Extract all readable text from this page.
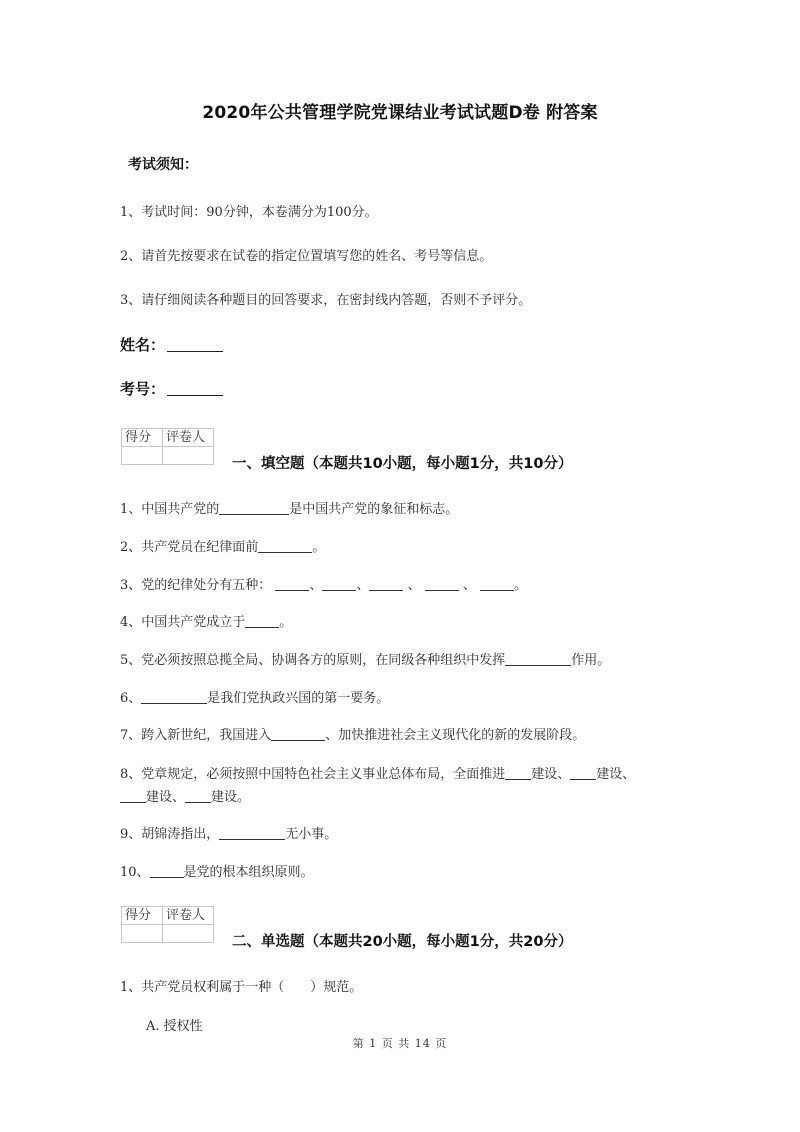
2020年公共管理学院党课结业考试试题D卷 附答案
考试须知：
1、考试时间：90分钟，本卷满分为100分。
2、请首先按要求在试卷的指定位置填写您的姓名、考号等信息。
3、请仔细阅读各种题目的回答要求，在密封线内答题，否则不予评分。
姓名：
考号：
得分	评卷人

一、填空题（本题共10小题，每小题1分，共10分）
1、中国共产党的	是中国共产党的象征和标志。
2、共产党员在纪律面前	。
3、党的纪律处分有五种：	、	、	、	、	。
4、中国共产党成立于	。
5、党必须按照总揽全局、协调各方的原则，在同级各种组织中发挥	作用。
6、	是我们党执政兴国的第一要务。
7、跨入新世纪，我国进入	、加快推进社会主义现代化的新的发展阶段。
8、党章规定，必须按照中国特色社会主义事业总体布局，全面推进 建设、 建设、
建设、 建设。
9、胡锦涛指出，	无小事。
10、	是党的根本组织原则。
得分	评卷人

二、单选题（本题共20小题，每小题1分，共20分）
1、共产党员权利属于一种（　　）规范。
A. 授权性
第 1 页 共 14 页
